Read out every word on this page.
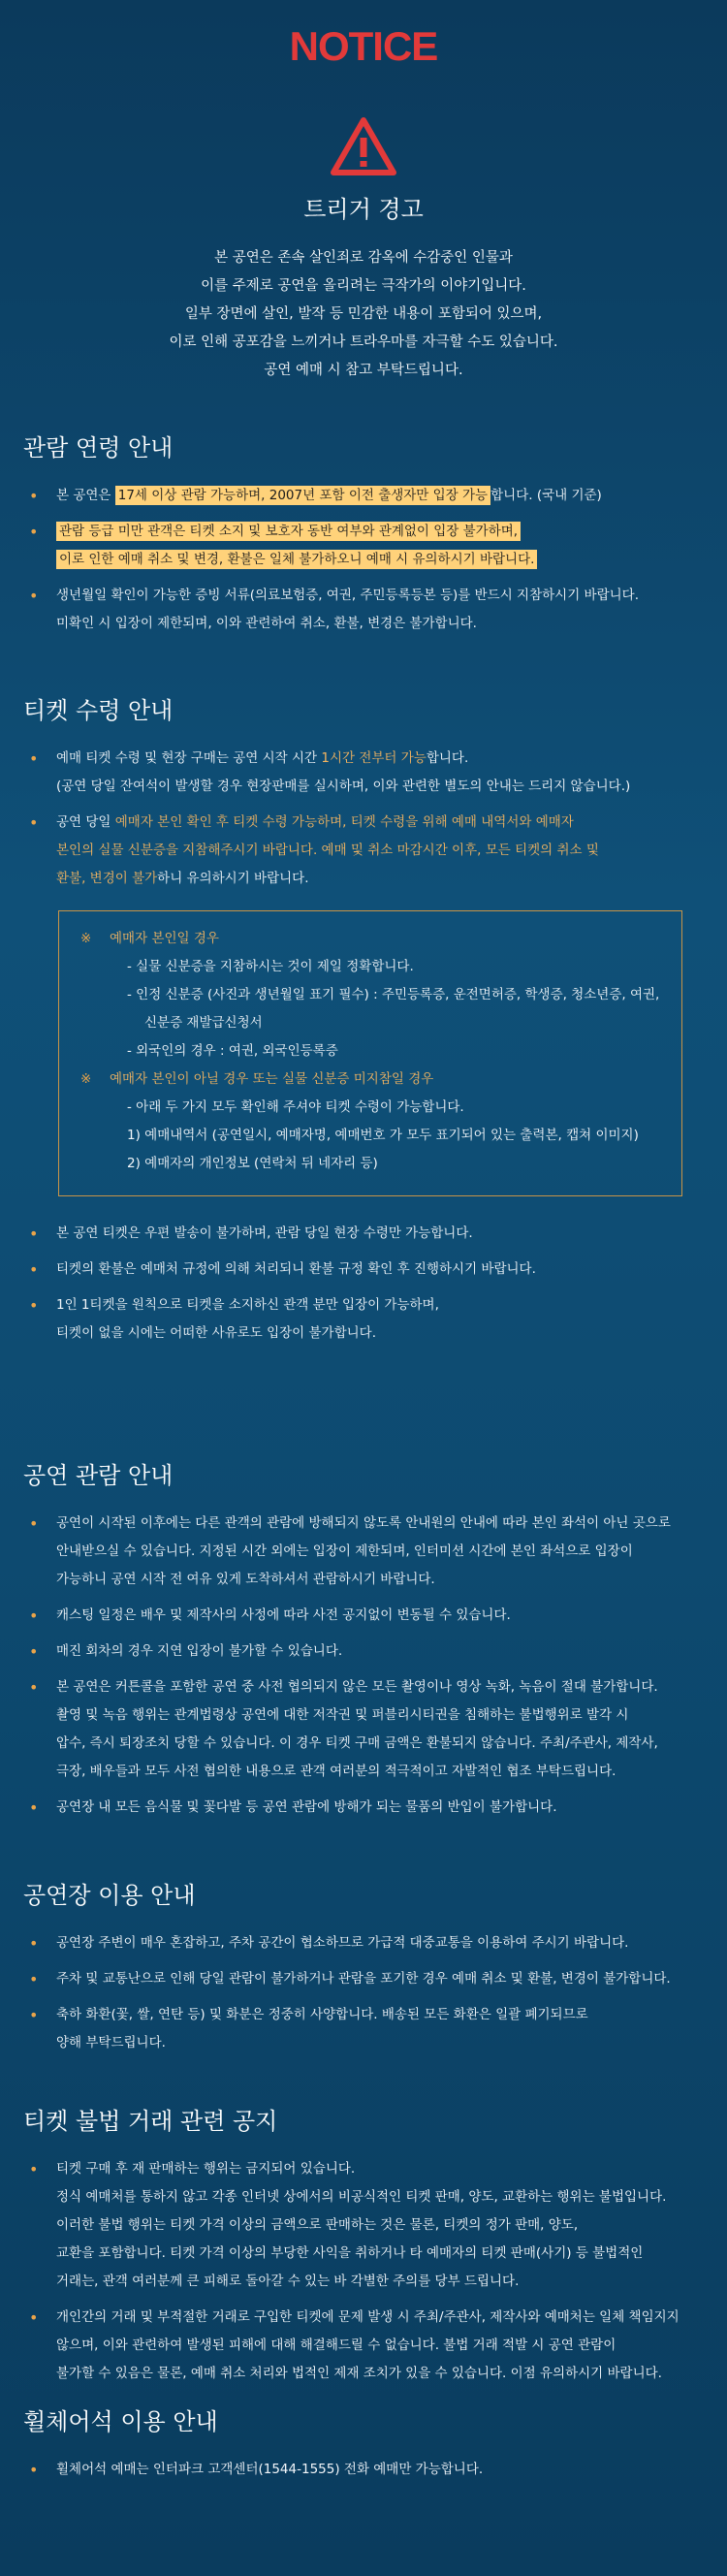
NOTICE
트리거 경고

본 공연은 존속 살인죄로 감옥에 수감중인 인물과

이를 주제로 공연을 올리려는 극작가의 이야기입니다.

일부 장면에 살인, 발작 등 민감한 내용이 포함되어 있으며,

이로 인해 공포감을 느끼거나 트라우마를 자극할 수도 있습니다.

공연 예매 시 참고 부탁드립니다.

관람 연령 안내
• 본 공연은 17세 이상 관람 가능하며, 2007년 포함 이전 출생자만 입장 가능 합니다. (국내 기준)

• 관람 등급 미만 관객은 티켓 소지 및 보호자 동반 여부와 관계없이 입장 불가하며,

이로 인한 예매 취소 및 변경, 환불은 일체 불가하오니 예매 시 유의하시기 바랍니다.

• 생년월일 확인이 가능한 증빙 서류(의료보험증, 여권, 주민등록등본 등)를 반드시 지참하시기 바랍니다.

미확인 시 입장이 제한되며, 이와 관련하여 취소, 환불, 변경은 불가합니다.

티켓 수령 안내
• 예매 티켓 수령 및 현장 구매는 공연 시작 시간 1시간 전부터 가능합니다.

(공연 당일 잔여석이 발생할 경우 현장판매를 실시하며, 이와 관련한 별도의 안내는 드리지 않습니다.)

• 공연 당일 예매자 본인 확인 후 티켓 수령 가능하며, 티켓 수령을 위해 예매 내역서와 예매자

본인의 실물 신분증을 지참해주시기 바랍니다. 예매 및 취소 마감시간 이후, 모든 티켓의 취소 및

환불, 변경이 불가하니 유의하시기 바랍니다.

※ 예매자 본인일 경우
- 실물 신분증을 지참하시는 것이 제일 정확합니다.
- 인정 신분증 (사진과 생년월일 표기 필수) : 주민등록증, 운전면허증, 학생증, 청소년증, 여권,
신분증 재발급신청서
- 외국인의 경우 : 여권, 외국인등록증
※ 예매자 본인이 아닐 경우 또는 실물 신분증 미지참일 경우
- 아래 두 가지 모두 확인해 주셔야 티켓 수령이 가능합니다.
1) 예매내역서 (공연일시, 예매자명, 예매번호 가 모두 표기되어 있는 출력본, 캡쳐 이미지)
2) 예매자의 개인정보 (연락처 뒤 네자리 등)
• 본 공연 티켓은 우편 발송이 불가하며, 관람 당일 현장 수령만 가능합니다.

• 티켓의 환불은 예매처 규정에 의해 처리되니 환불 규정 확인 후 진행하시기 바랍니다.

• 1인 1티켓을 원칙으로 티켓을 소지하신 관객 분만 입장이 가능하며,

티켓이 없을 시에는 어떠한 사유로도 입장이 불가합니다.

공연 관람 안내
• 공연이 시작된 이후에는 다른 관객의 관람에 방해되지 않도록 안내원의 안내에 따라 본인 좌석이 아닌 곳으로

안내받으실 수 있습니다. 지정된 시간 외에는 입장이 제한되며, 인터미션 시간에 본인 좌석으로 입장이

가능하니 공연 시작 전 여유 있게 도착하셔서 관람하시기 바랍니다.

• 캐스팅 일정은 배우 및 제작사의 사정에 따라 사전 공지없이 변동될 수 있습니다.

• 매진 회차의 경우 지연 입장이 불가할 수 있습니다.

• 본 공연은 커튼콜을 포함한 공연 중 사전 협의되지 않은 모든 촬영이나 영상 녹화, 녹음이 절대 불가합니다.

촬영 및 녹음 행위는 관계법령상 공연에 대한 저작권 및 퍼블리시티권을 침해하는 불법행위로 발각 시

압수, 즉시 퇴장조치 당할 수 있습니다. 이 경우 티켓 구매 금액은 환불되지 않습니다. 주최/주관사, 제작사,

극장, 배우들과 모두 사전 협의한 내용으로 관객 여러분의 적극적이고 자발적인 협조 부탁드립니다.

• 공연장 내 모든 음식물 및 꽃다발 등 공연 관람에 방해가 되는 물품의 반입이 불가합니다.

공연장 이용 안내
• 공연장 주변이 매우 혼잡하고, 주차 공간이 협소하므로 가급적 대중교통을 이용하여 주시기 바랍니다.

• 주차 및 교통난으로 인해 당일 관람이 불가하거나 관람을 포기한 경우 예매 취소 및 환불, 변경이 불가합니다.

• 축하 화환(꽃, 쌀, 연탄 등) 및 화분은 정중히 사양합니다. 배송된 모든 화환은 일괄 폐기되므로

양해 부탁드립니다.

티켓 불법 거래 관련 공지
• 티켓 구매 후 재 판매하는 행위는 금지되어 있습니다.

정식 예매처를 통하지 않고 각종 인터넷 상에서의 비공식적인 티켓 판매, 양도, 교환하는 행위는 불법입니다.

이러한 불법 행위는 티켓 가격 이상의 금액으로 판매하는 것은 물론, 티켓의 정가 판매, 양도,

교환을 포함합니다. 티켓 가격 이상의 부당한 사익을 취하거나 타 예매자의 티켓 판매(사기) 등 불법적인

거래는, 관객 여러분께 큰 피해로 돌아갈 수 있는 바 각별한 주의를 당부 드립니다.

• 개인간의 거래 및 부적절한 거래로 구입한 티켓에 문제 발생 시 주최/주관사, 제작사와 예매처는 일체 책임지지

않으며, 이와 관련하여 발생된 피해에 대해 해결해드릴 수 없습니다. 불법 거래 적발 시 공연 관람이

불가할 수 있음은 물론, 예매 취소 처리와 법적인 제재 조치가 있을 수 있습니다. 이점 유의하시기 바랍니다.

휠체어석 이용 안내
• 휠체어석 예매는 인터파크 고객센터(1544-1555) 전화 예매만 가능합니다.
